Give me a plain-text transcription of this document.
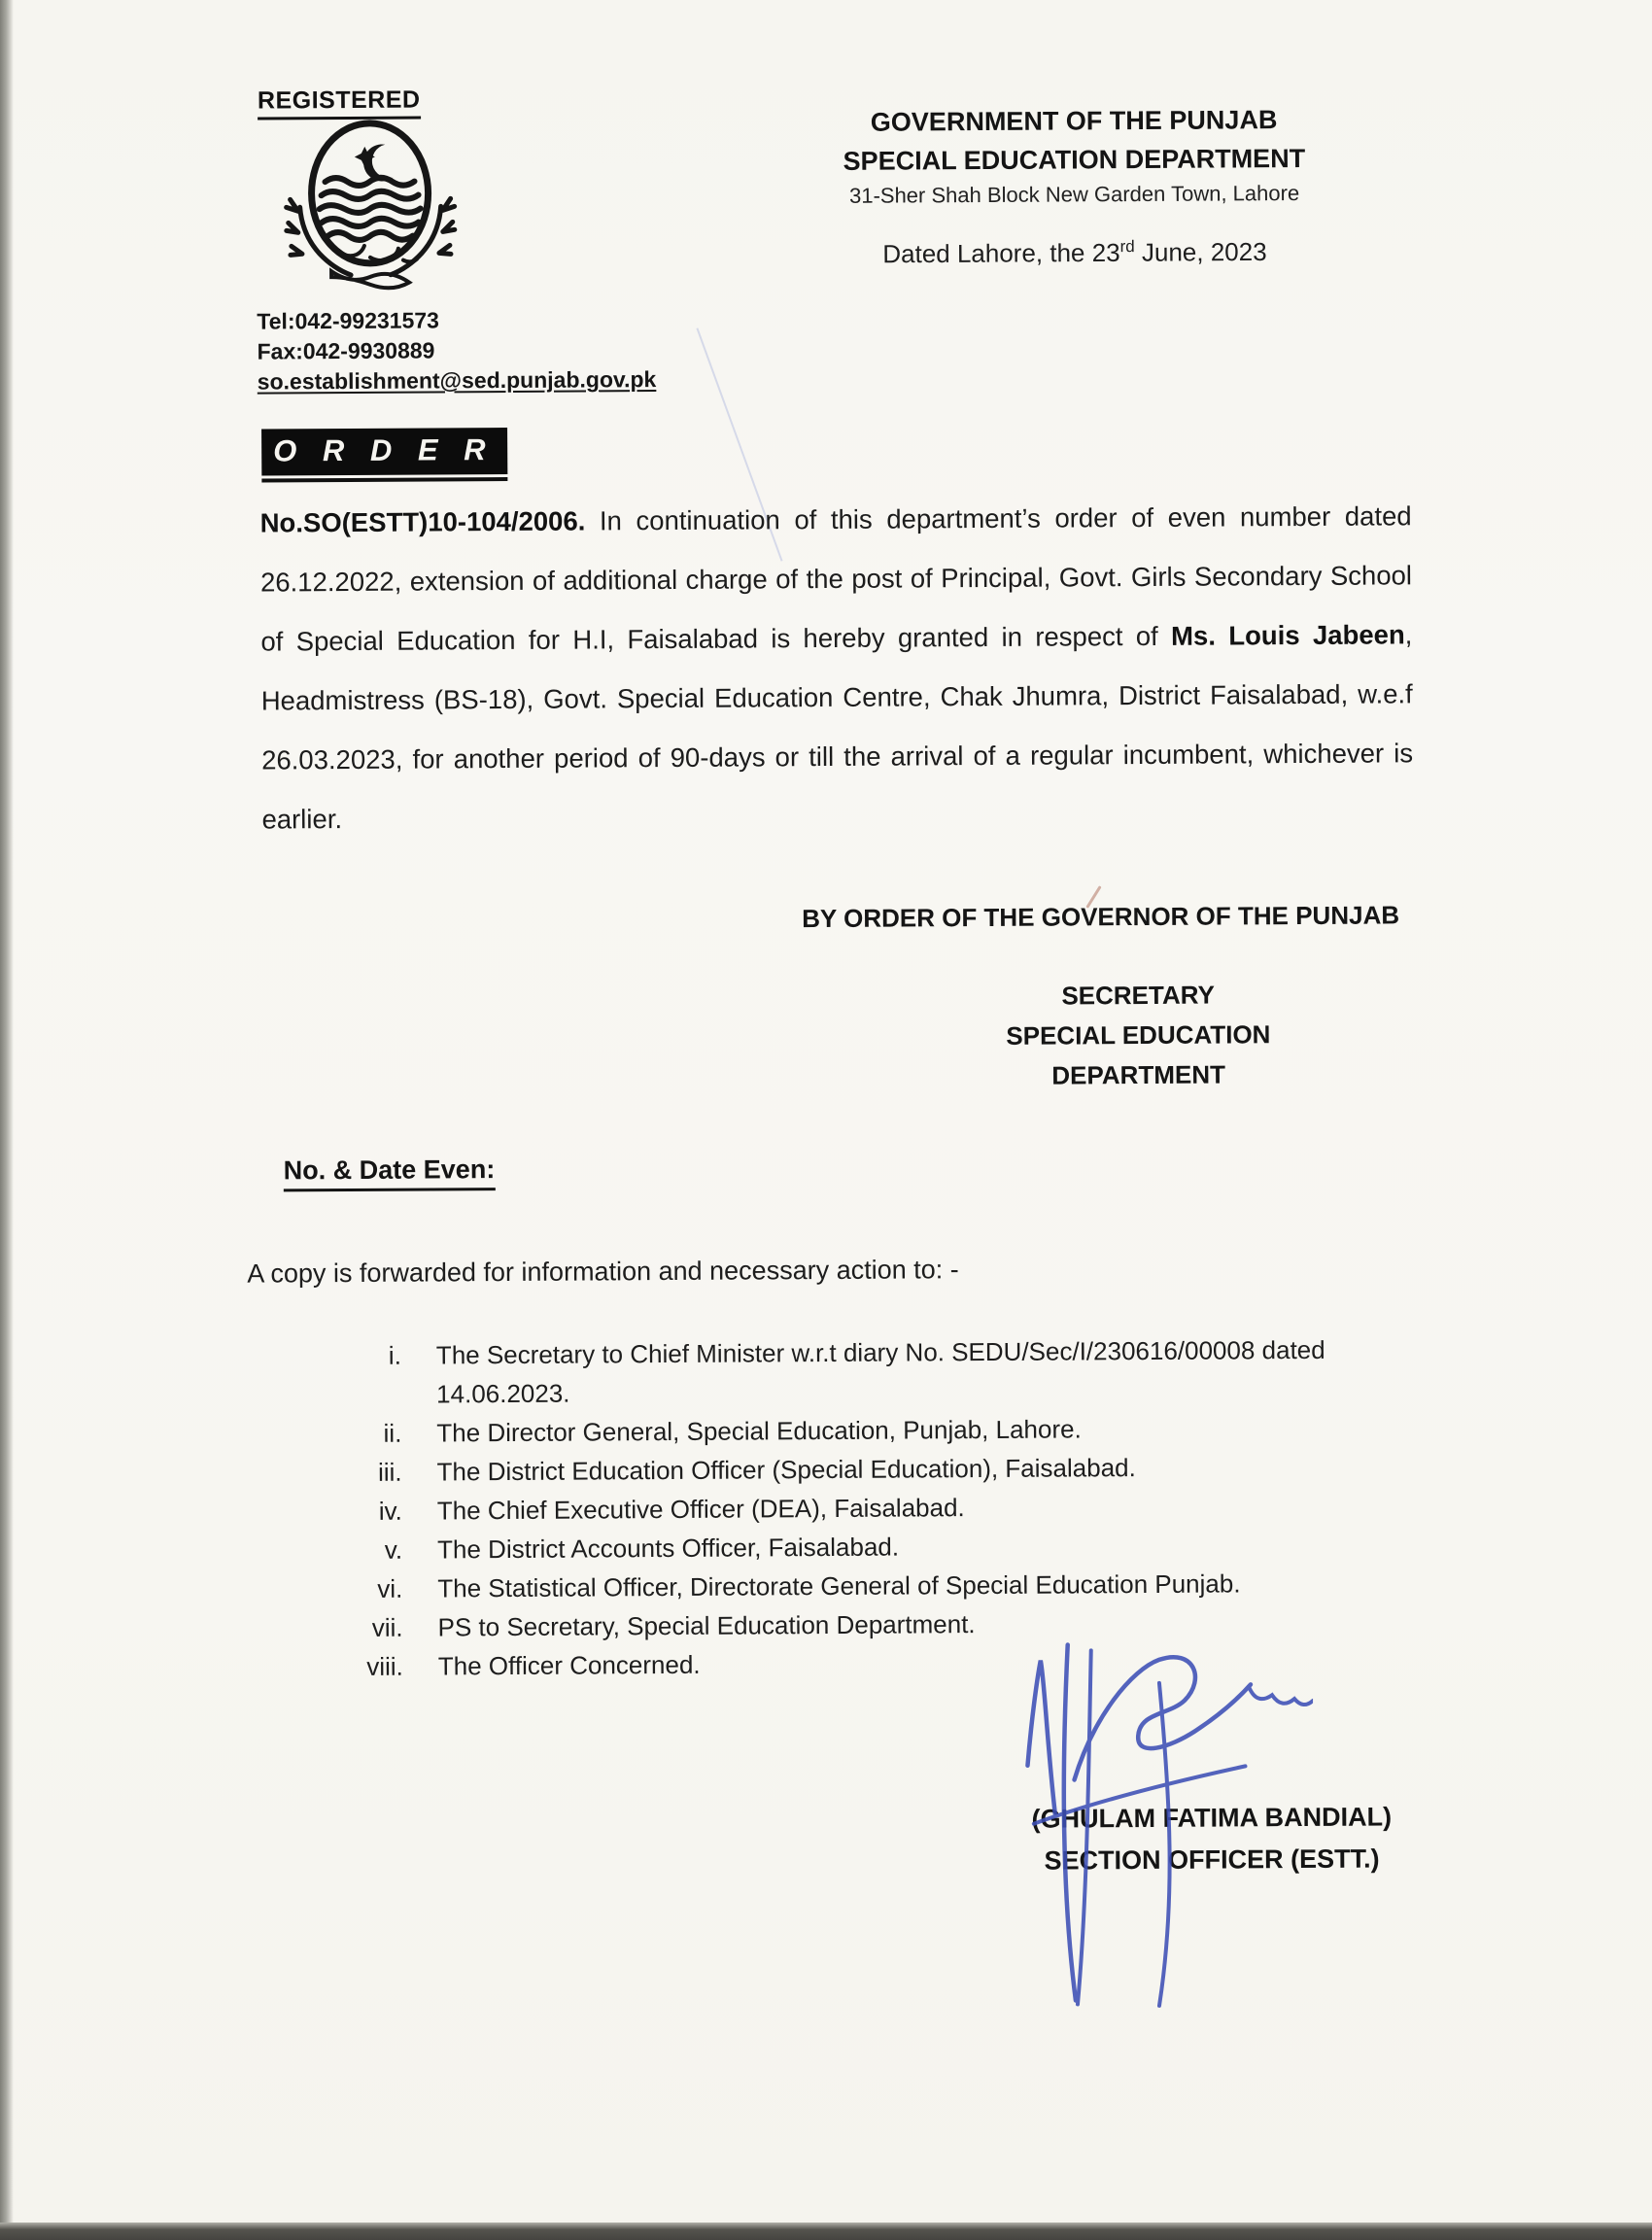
REGISTERED
Tel:042-99231573
Fax:042-9930889
so.establishment@sed.punjab.gov.pk
GOVERNMENT OF THE PUNJAB
SPECIAL EDUCATION DEPARTMENT
31-Sher Shah Block New Garden Town, Lahore
Dated Lahore, the 23rd June, 2023
O R D E R
No.SO(ESTT)10-104/2006. In continuation of this department’s order of even number dated 26.12.2022, extension of additional charge of the post of Principal, Govt. Girls Secondary School of Special Education for H.I, Faisalabad is hereby granted in respect of Ms. Louis Jabeen, Headmistress (BS-18), Govt. Special Education Centre, Chak Jhumra, District Faisalabad, w.e.f 26.03.2023, for another period of 90-days or till the arrival of a regular incumbent, whichever is earlier.
BY ORDER OF THE GOVERNOR OF THE PUNJAB
SECRETARY
SPECIAL EDUCATION
DEPARTMENT
No. & Date Even:
A copy is forwarded for information and necessary action to: -
i. The Secretary to Chief Minister w.r.t diary No. SEDU/Sec/I/230616/00008 dated 14.06.2023.
ii. The Director General, Special Education, Punjab, Lahore.
iii. The District Education Officer (Special Education), Faisalabad.
iv. The Chief Executive Officer (DEA), Faisalabad.
v. The District Accounts Officer, Faisalabad.
vi. The Statistical Officer, Directorate General of Special Education Punjab.
vii. PS to Secretary, Special Education Department.
viii. The Officer Concerned.
(GHULAM FATIMA BANDIAL)
SECTION OFFICER (ESTT.)
